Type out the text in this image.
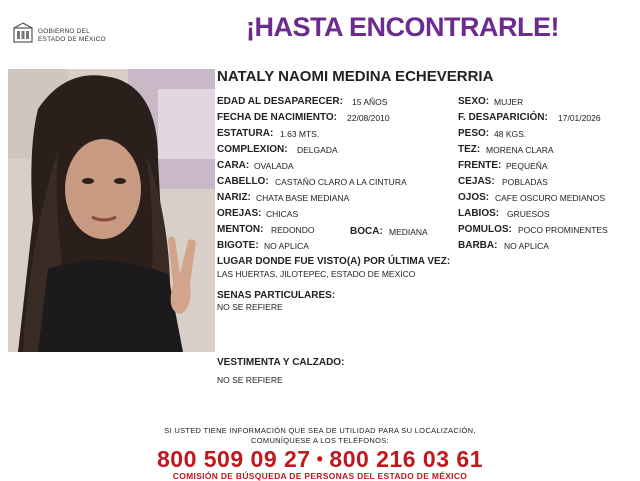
GOBIERNO DEL
ESTADO DE MÉXICO	¡HASTA ENCONTRARLE!
NATALY NAOMI MEDINA ECHEVERRIA
EDAD AL DESAPARECER: 15 AÑOS
FECHA DE NACIMIENTO: 22/08/2010
ESTATURA: 1.63 MTS.
COMPLEXION: DELGADA
CARA: OVALADA
CABELLO: CASTAÑO CLARO A LA CINTURA
NARIZ: CHATA BASE MEDIANA
OREJAS: CHICAS
MENTON: REDONDO	BOCA: MEDIANA
BIGOTE: NO APLICA
SEXO: MUJER
F. DESAPARICIÓN: 17/01/2026
PESO: 48 KGS.
TEZ: MORENA CLARA
FRENTE: PEQUEÑA
CEJAS: POBLADAS
OJOS: CAFE OSCURO MEDIANOS
LABIOS: GRUESOS
POMULOS: POCO PROMINENTES
BARBA: NO APLICA
LUGAR DONDE FUE VISTO(A) POR ÚLTIMA VEZ:
LAS HUERTAS, JILOTEPEC, ESTADO DE MEXICO
SENAS PARTICULARES:
NO SE REFIERE
VESTIMENTA Y CALZADO:
NO SE REFIERE
SI USTED TIENE INFORMACIÓN QUE SEA DE UTILIDAD PARA SU LOCALIZACIÓN,
COMUNÍQUESE A LOS TELÉFONOS:
800 509 09 27 • 800 216 03 61
COMISIÓN DE BÚSQUEDA DE PERSONAS DEL ESTADO DE MÉXICO
